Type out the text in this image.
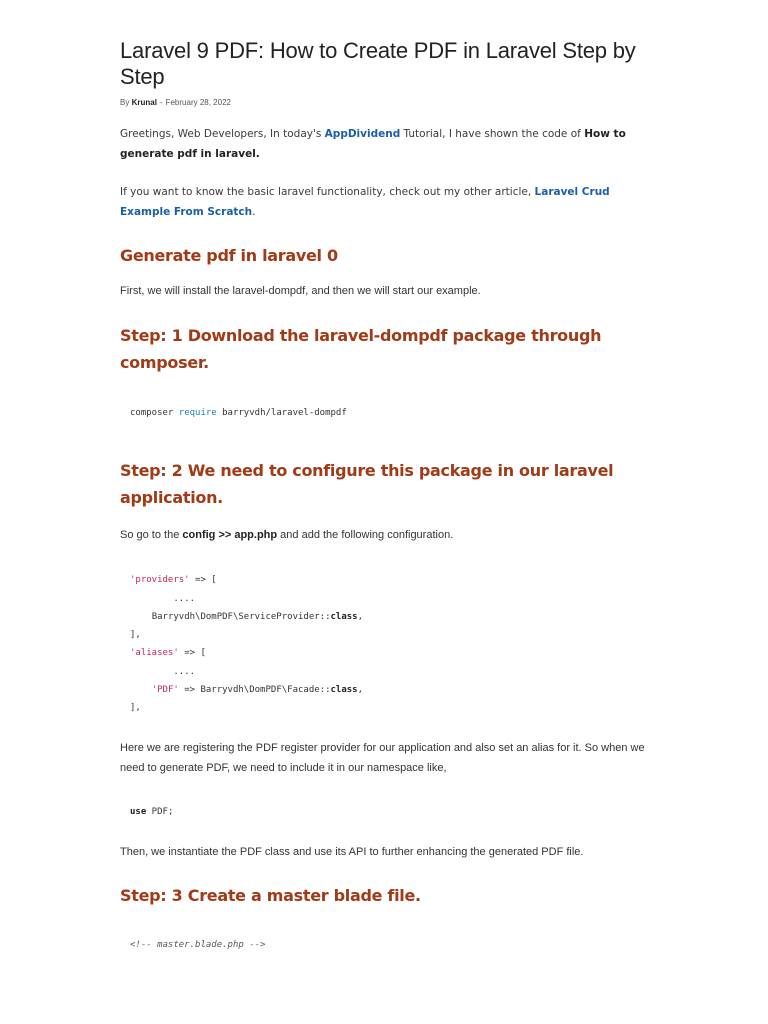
Laravel 9 PDF: How to Create PDF in Laravel Step by Step
By Krunal - February 28, 2022

Greetings, Web Developers, In today's AppDividend Tutorial, I have shown the code of How to generate pdf in laravel.

If you want to know the basic laravel functionality, check out my other article, Laravel Crud Example From Scratch.

Generate pdf in laravel 0

First, we will install the laravel-dompdf, and then we will start our example.

Step: 1 Download the laravel-dompdf package through composer.
composer require barryvdh/laravel-dompdf
Step: 2 We need to configure this package in our laravel application.

So go to the config >> app.php and add the following configuration.

'providers' => [
....
Barryvdh\DomPDF\ServiceProvider::class,
],
'aliases' => [
....
'PDF' => Barryvdh\DomPDF\Facade::class,
],

Here we are registering the PDF register provider for our application and also set an alias for it. So when we need to generate PDF, we need to include it in our namespace like,

use PDF;

Then, we instantiate the PDF class and use its API to further enhancing the generated PDF file.

Step: 3 Create a master blade file.
<!-- master.blade.php -->
